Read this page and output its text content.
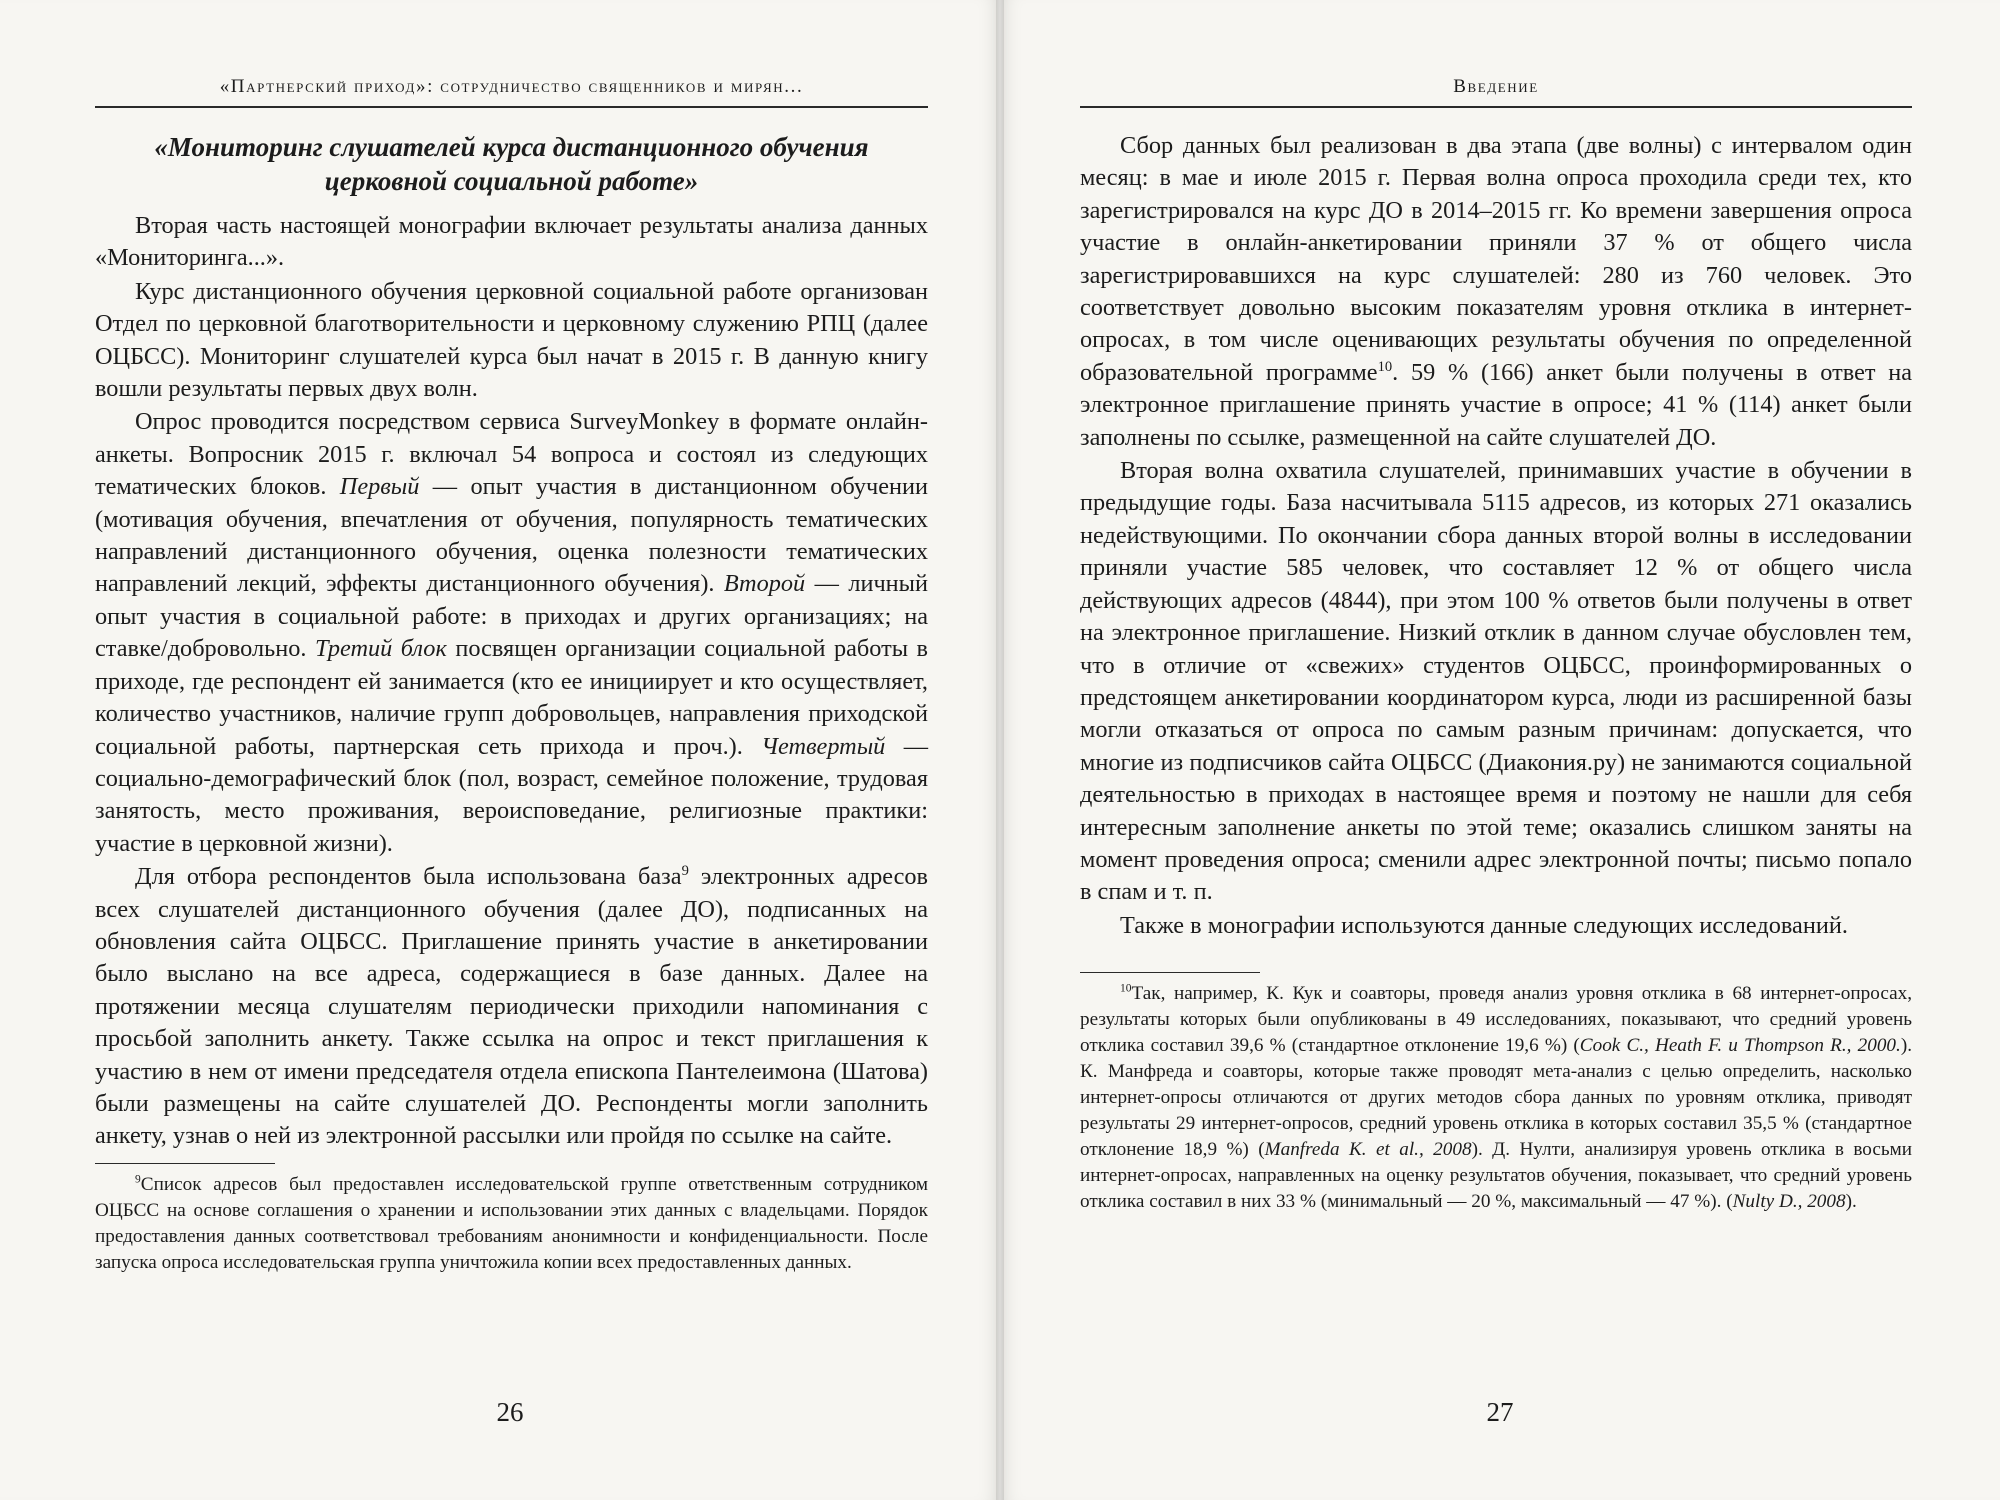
«Партнерский приход»: сотрудничество священников и мирян...
«Мониторинг слушателей курса дистанционного обучения церковной социальной работе»

Вторая часть настоящей монографии включает результаты анализа данных «Мониторинга...».

Курс дистанционного обучения церковной социальной работе организован Отдел по церковной благотворительности и церковному служению РПЦ (далее ОЦБСС). Мониторинг слушателей курса был начат в 2015 г. В данную книгу вошли результаты первых двух волн.

Опрос проводится посредством сервиса SurveyMonkey в формате онлайн-анкеты. Вопросник 2015 г. включал 54 вопроса и состоял из следующих тематических блоков. Первый — опыт участия в дистанционном обучении (мотивация обучения, впечатления от обучения, популярность тематических направлений дистанционного обучения, оценка полезности тематических направлений лекций, эффекты дистанционного обучения). Второй — личный опыт участия в социальной работе: в приходах и других организациях; на ставке/добровольно. Третий блок посвящен организации социальной работы в приходе, где респондент ей занимается (кто ее инициирует и кто осуществляет, количество участников, наличие групп добровольцев, направления приходской социальной работы, партнерская сеть прихода и проч.). Четвертый — социально-демографический блок (пол, возраст, семейное положение, трудовая занятость, место проживания, вероисповедание, религиозные практики: участие в церковной жизни).

Для отбора респондентов была использована база$^9$ электронных адресов всех слушателей дистанционного обучения (далее ДО), подписанных на обновления сайта ОЦБСС. Приглашение принять участие в анкетировании было выслано на все адреса, содержащиеся в базе данных. Далее на протяжении месяца слушателям периодически приходили напоминания с просьбой заполнить анкету. Также ссылка на опрос и текст приглашения к участию в нем от имени председателя отдела епископа Пантелеимона (Шатова) были размещены на сайте слушателей ДО. Респонденты могли заполнить анкету, узнав о ней из электронной рассылки или пройдя по ссылке на сайте.

$^9$Список адресов был предоставлен исследовательской группе ответственным сотрудником ОЦБСС на основе соглашения о хранении и использовании этих данных с владельцами. Порядок предоставления данных соответствовал требованиям анонимности и конфиденциальности. После запуска опроса исследовательская группа уничтожила копии всех предоставленных данных.

26
Введение

Сбор данных был реализован в два этапа (две волны) с интервалом один месяц: в мае и июле 2015 г. Первая волна опроса проходила среди тех, кто зарегистрировался на курс ДО в 2014–2015 гг. Ко времени завершения опроса участие в онлайн-анкетировании приняли 37 % от общего числа зарегистрировавшихся на курс слушателей: 280 из 760 человек. Это соответствует довольно высоким показателям уровня отклика в интернет-опросах, в том числе оценивающих результаты обучения по определенной образовательной программе$^{10}$. 59 % (166) анкет были получены в ответ на электронное приглашение принять участие в опросе; 41 % (114) анкет были заполнены по ссылке, размещенной на сайте слушателей ДО.

Вторая волна охватила слушателей, принимавших участие в обучении в предыдущие годы. База насчитывала 5115 адресов, из которых 271 оказались недействующими. По окончании сбора данных второй волны в исследовании приняли участие 585 человек, что составляет 12 % от общего числа действующих адресов (4844), при этом 100 % ответов были получены в ответ на электронное приглашение. Низкий отклик в данном случае обусловлен тем, что в отличие от «свежих» студентов ОЦБСС, проинформированных о предстоящем анкетировании координатором курса, люди из расширенной базы могли отказаться от опроса по самым разным причинам: допускается, что многие из подписчиков сайта ОЦБСС (Диакония.ру) не занимаются социальной деятельностью в приходах в настоящее время и поэтому не нашли для себя интересным заполнение анкеты по этой теме; оказались слишком заняты на момент проведения опроса; сменили адрес электронной почты; письмо попало в спам и т. п.

Также в монографии используются данные следующих исследований.

$^{10}$Так, например, К. Кук и соавторы, проведя анализ уровня отклика в 68 интернет-опросах, результаты которых были опубликованы в 49 исследованиях, показывают, что средний уровень отклика составил 39,6 % (стандартное отклонение 19,6 %) (Cook C., Heath F. и Thompson R., 2000.). К. Манфреда и соавторы, которые также проводят мета-анализ с целью определить, насколько интернет-опросы отличаются от других методов сбора данных по уровням отклика, приводят результаты 29 интернет-опросов, средний уровень отклика в которых составил 35,5 % (стандартное отклонение 18,9 %) (Manfreda K. et al., 2008). Д. Нулти, анализируя уровень отклика в восьми интернет-опросах, направленных на оценку результатов обучения, показывает, что средний уровень отклика составил в них 33 % (минимальный — 20 %, максимальный — 47 %). (Nulty D., 2008).

27
